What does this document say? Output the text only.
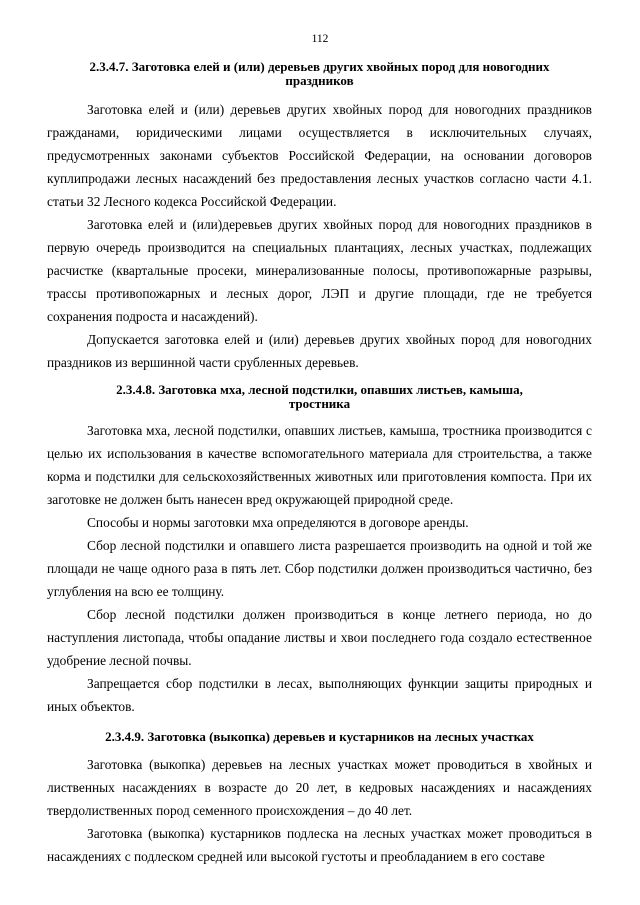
112
2.3.4.7. Заготовка елей и (или) деревьев других хвойных пород для новогодних праздников

Заготовка елей и (или) деревьев других хвойных пород для новогодних праздников гражданами, юридическими лицами осуществляется в исключительных случаях, предусмотренных законами субъектов Российской Федерации, на основании договоров куплипродажи лесных насаждений без предоставления лесных участков согласно части 4.1. статьи 32 Лесного кодекса Российской Федерации.

Заготовка елей и (или)деревьев других хвойных пород для новогодних праздников в первую очередь производится на специальных плантациях, лесных участках, подлежащих расчистке (квартальные просеки, минерализованные полосы, противопожарные разрывы, трассы противопожарных и лесных дорог, ЛЭП и другие площади, где не требуется сохранения подроста и насаждений).

Допускается заготовка елей и (или) деревьев других хвойных пород для новогодних праздников из вершинной части срубленных деревьев.

2.3.4.8. Заготовка мха, лесной подстилки, опавших листьев, камыша, тростника

Заготовка мха, лесной подстилки, опавших листьев, камыша, тростника производится с целью их использования в качестве вспомогательного материала для строительства, а также корма и подстилки для сельскохозяйственных животных или приготовления компоста. При их заготовке не должен быть нанесен вред окружающей природной среде.

Способы и нормы заготовки мха определяются в договоре аренды.

Сбор лесной подстилки и опавшего листа разрешается производить на одной и той же площади не чаще одного раза в пять лет. Сбор подстилки должен производиться частично, без углубления на всю ее толщину.

Сбор лесной подстилки должен производиться в конце летнего периода, но до наступления листопада, чтобы опадание листвы и хвои последнего года создало естественное удобрение лесной почвы.

Запрещается сбор подстилки в лесах, выполняющих функции защиты природных и иных объектов.

2.3.4.9. Заготовка (выкопка) деревьев и кустарников на лесных участках

Заготовка (выкопка) деревьев на лесных участках может проводиться в хвойных и лиственных насаждениях в возрасте до 20 лет, в кедровых насаждениях и насаждениях твердолиственных пород семенного происхождения – до 40 лет.

Заготовка (выкопка) кустарников подлеска на лесных участках может проводиться в насаждениях с подлеском средней или высокой густоты и преобладанием в его составе
